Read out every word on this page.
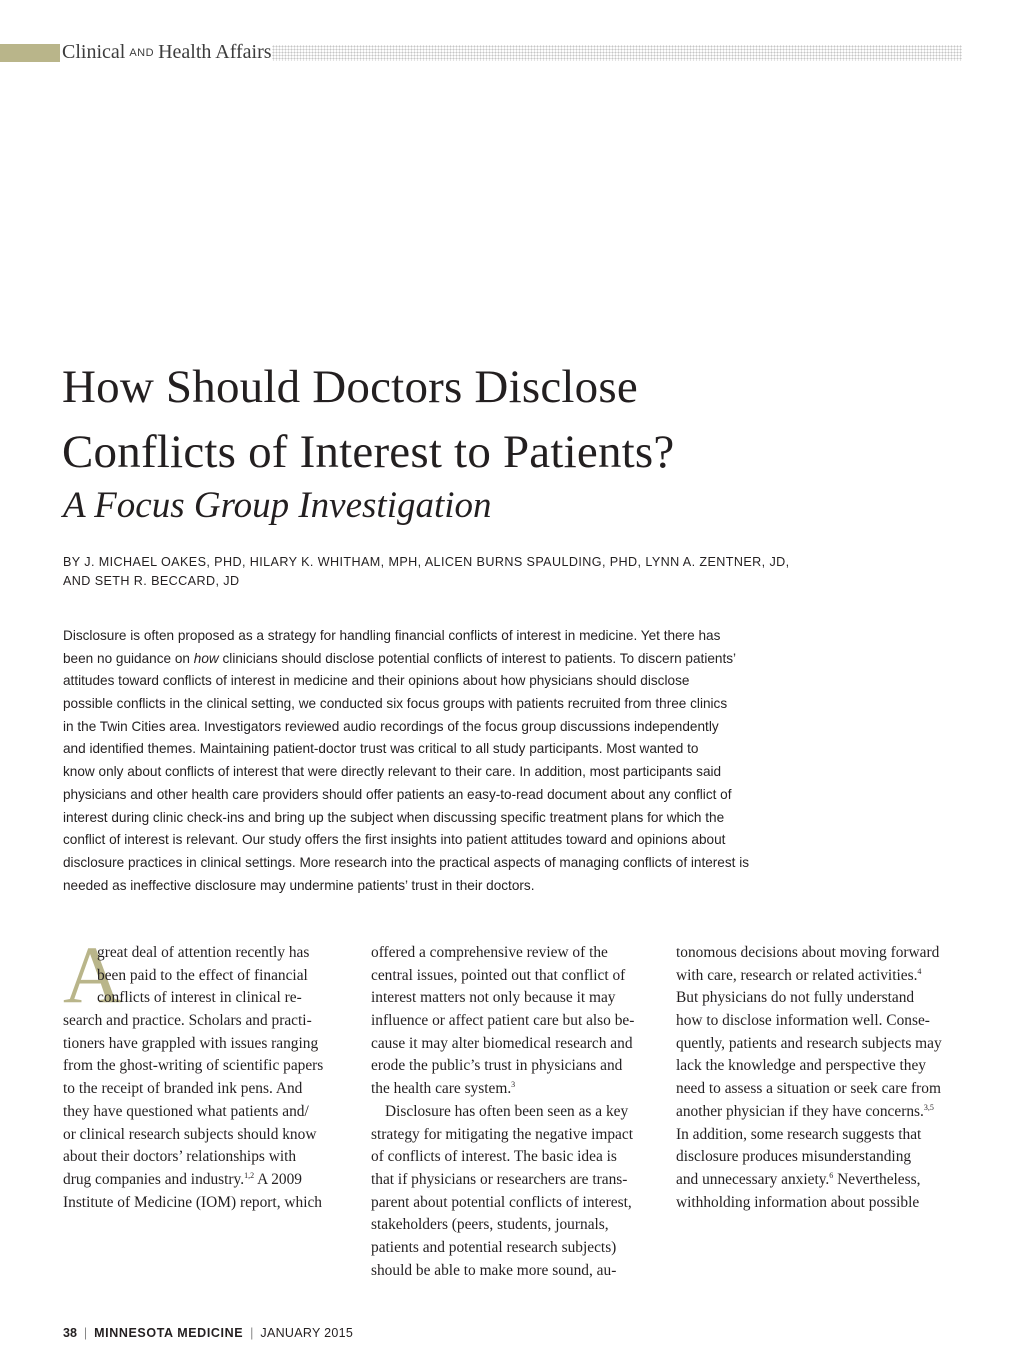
Clinical AND Health Affairs
How Should Doctors Disclose
Conflicts of Interest to Patients?
A Focus Group Investigation
BY J. MICHAEL OAKES, PHD, HILARY K. WHITHAM, MPH, ALICEN BURNS SPAULDING, PHD, LYNN A. ZENTNER, JD,
AND SETH R. BECCARD, JD
Disclosure is often proposed as a strategy for handling financial conflicts of interest in medicine. Yet there has
been no guidance on how clinicians should disclose potential conflicts of interest to patients. To discern patients’
attitudes toward conflicts of interest in medicine and their opinions about how physicians should disclose
possible conflicts in the clinical setting, we conducted six focus groups with patients recruited from three clinics
in the Twin Cities area. Investigators reviewed audio recordings of the focus group discussions independently
and identified themes. Maintaining patient-doctor trust was critical to all study participants. Most wanted to
know only about conflicts of interest that were directly relevant to their care. In addition, most participants said
physicians and other health care providers should offer patients an easy-to-read document about any conflict of
interest during clinic check-ins and bring up the subject when discussing specific treatment plans for which the
conflict of interest is relevant. Our study offers the first insights into patient attitudes toward and opinions about
disclosure practices in clinical settings. More research into the practical aspects of managing conflicts of interest is
needed as ineffective disclosure may undermine patients’ trust in their doctors.
A
great deal of attention recently has
been paid to the effect of financial
conflicts of interest in clinical re-
search and practice. Scholars and practi-
tioners have grappled with issues ranging
from the ghost-writing of scientific papers
to the receipt of branded ink pens. And
they have questioned what patients and/
or clinical research subjects should know
about their doctors’ relationships with
drug companies and industry.$^{1,2}$ A 2009
Institute of Medicine (IOM) report, which
offered a comprehensive review of the
central issues, pointed out that conflict of
interest matters not only because it may
influence or affect patient care but also be-
cause it may alter biomedical research and
erode the public’s trust in physicians and
the health care system.$^3$
Disclosure has often been seen as a key
strategy for mitigating the negative impact
of conflicts of interest. The basic idea is
that if physicians or researchers are trans-
parent about potential conflicts of interest,
stakeholders (peers, students, journals,
patients and potential research subjects)
should be able to make more sound, au-
tonomous decisions about moving forward
with care, research or related activities.$^4$
But physicians do not fully understand
how to disclose information well. Conse-
quently, patients and research subjects may
lack the knowledge and perspective they
need to assess a situation or seek care from
another physician if they have concerns.$^{3,5}$
In addition, some research suggests that
disclosure produces misunderstanding
and unnecessary anxiety.$^6$ Nevertheless,
withholding information about possible
38 | MINNESOTA MEDICINE | JANUARY 2015
